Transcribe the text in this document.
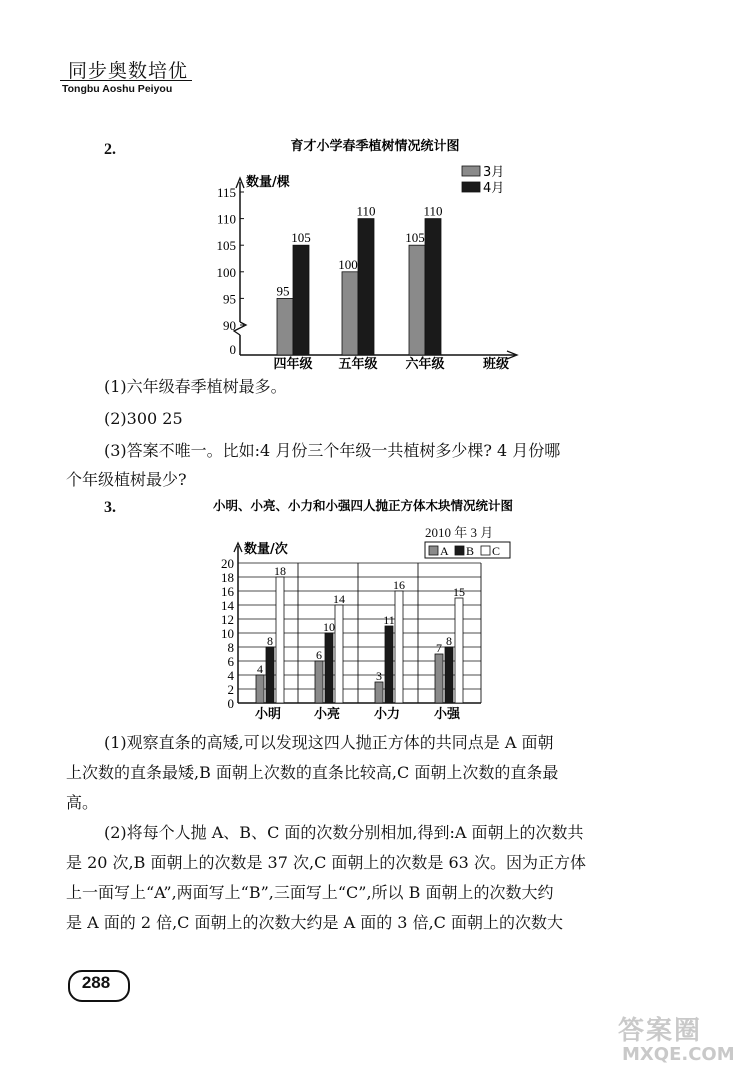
同步奥数培优
Tongbu Aoshu Peiyou
2.	育才小学春季植树情况统计图
数量/棵
班级
0
90
95
100
105
110
115
四年级
95
105
五年级
100
110
六年级
105
110
3月
4月
(1)六年级春季植树最多。
(2)300 25
(3)答案不唯一。比如:4 月份三个年级一共植树多少棵? 4 月份哪
个年级植树最少?
3.
2010 年 3 月
小明、小亮、小力和小强四人抛正方体木块情况统计图
0
2
4
6
8
10
12
14
16
18
20
数量/次
小明
4
8
18
小亮
6
10
14
小力
3
11
16
小强
7 8
15
A B C
(1)观察直条的高矮,可以发现这四人抛正方体的共同点是 A 面朝
上次数的直条最矮,B 面朝上次数的直条比较高,C 面朝上次数的直条最
高。
(2)将每个人抛 A、B、C 面的次数分别相加,得到:A 面朝上的次数共
是 20 次,B 面朝上的次数是 37 次,C 面朝上的次数是 63 次。因为正方体
上一面写上“A”,两面写上“B”,三面写上“C”,所以 B 面朝上的次数大约
是 A 面的 2 倍,C 面朝上的次数大约是 A 面的 3 倍,C 面朝上的次数大
288
答案圈
MXQE.COM
